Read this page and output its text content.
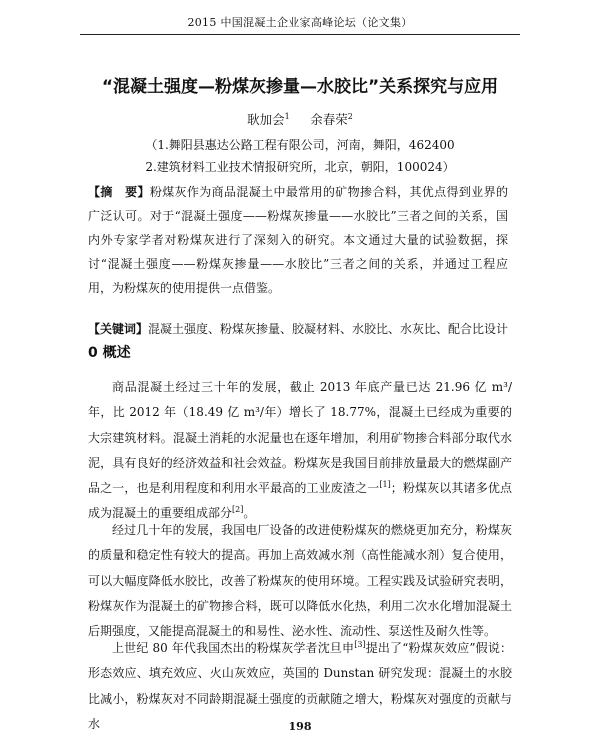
2015 中国混凝土企业家高峰论坛（论文集）
“混凝土强度—粉煤灰掺量—水胶比”关系探究与应用
耿加会$^1$ 　 余春荣$^2$
（1.舞阳县惠达公路工程有限公司，河南，舞阳，462400
2.建筑材料工业技术情报研究所，北京，朝阳，100024）
【摘　要】粉煤灰作为商品混凝土中最常用的矿物掺合料，其优点得到业界的广泛认可。对于“混凝土强度——粉煤灰掺量——水胶比”三者之间的关系，国内外专家学者对粉煤灰进行了深刻入的研究。本文通过大量的试验数据，探讨“混凝土强度——粉煤灰掺量——水胶比”三者之间的关系，并通过工程应用，为粉煤灰的使用提供一点借鉴。
【关键词】混凝土强度、粉煤灰掺量、胶凝材料、水胶比、水灰比、配合比设计
0 概述

商品混凝土经过三十年的发展，截止 2013 年底产量已达 21.96 亿 m³/年，比 2012 年（18.49 亿 m³/年）增长了 18.77%，混凝土已经成为重要的大宗建筑材料。混凝土消耗的水泥量也在逐年增加，利用矿物掺合料部分取代水泥，具有良好的经济效益和社会效益。粉煤灰是我国目前排放量最大的燃煤副产品之一，也是利用程度和利用水平最高的工业废渣之一[1]；粉煤灰以其诸多优点成为混凝土的重要组成部分[2]。

经过几十年的发展，我国电厂设备的改进使粉煤灰的燃烧更加充分，粉煤灰的质量和稳定性有较大的提高。再加上高效减水剂（高性能减水剂）复合使用，可以大幅度降低水胶比，改善了粉煤灰的使用环境。工程实践及试验研究表明，粉煤灰作为混凝土的矿物掺合料，既可以降低水化热，利用二次水化增加混凝土后期强度，又能提高混凝土的和易性、泌水性、流动性、泵送性及耐久性等。

上世纪 80 年代我国杰出的粉煤灰学者沈旦申[3]提出了“粉煤灰效应”假说：形态效应、填充效应、火山灰效应，英国的 Dunstan 研究发现：混凝土的水胶比减小，粉煤灰对不同龄期混凝土强度的贡献随之增大，粉煤灰对强度的贡献与水	198
